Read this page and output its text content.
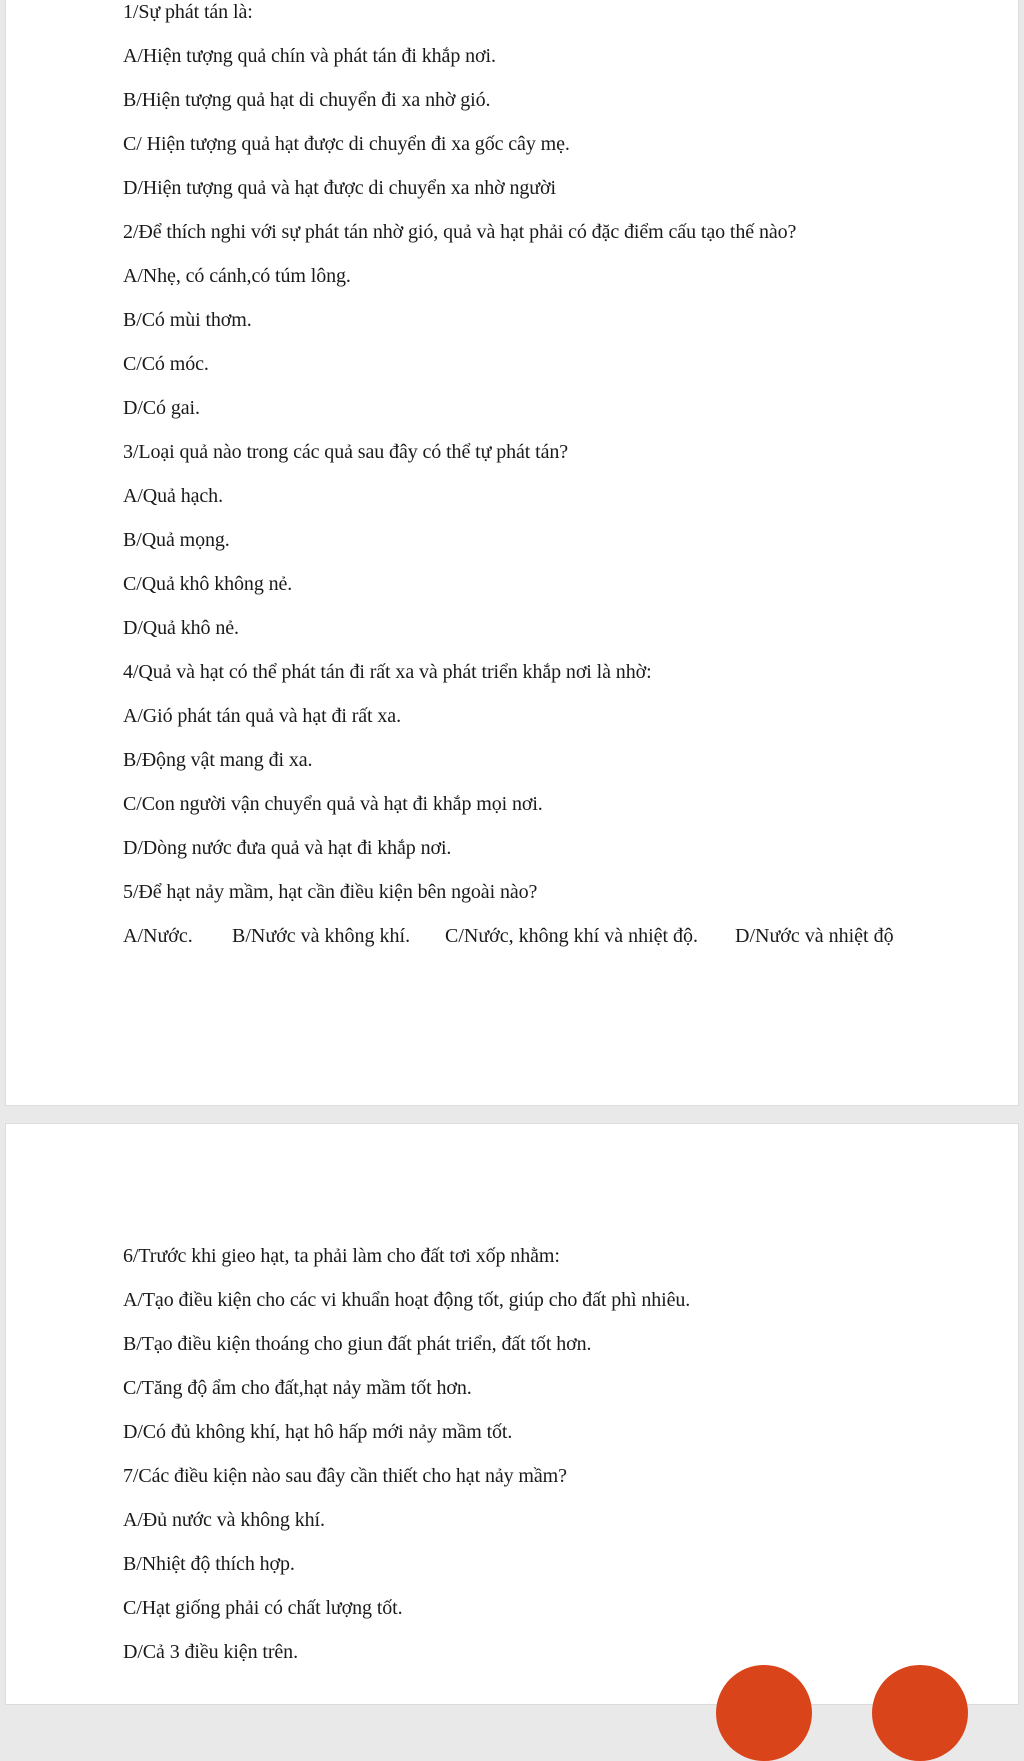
1/Sự phát tán là:

A/Hiện tượng quả chín và phát tán đi khắp nơi.

B/Hiện tượng quả hạt di chuyển đi xa nhờ gió.

C/ Hiện tượng quả hạt được di chuyển đi xa gốc cây mẹ.

D/Hiện tượng quả và hạt được di chuyển xa nhờ người

2/Để thích nghi với sự phát tán nhờ gió, quả và hạt phải có đặc điểm cấu tạo thế nào?

A/Nhẹ, có cánh,có túm lông.

B/Có mùi thơm.

C/Có móc.

D/Có gai.

3/Loại quả nào trong các quả sau đây có thể tự phát tán?

A/Quả hạch.

B/Quả mọng.

C/Quả khô không nẻ.

D/Quả khô nẻ.

4/Quả và hạt có thể phát tán đi rất xa và phát triển khắp nơi là nhờ:

A/Gió phát tán quả và hạt đi rất xa.

B/Động vật mang đi xa.

C/Con người vận chuyển quả và hạt đi khắp mọi nơi.

D/Dòng nước đưa quả và hạt đi khắp nơi.

5/Để hạt nảy mầm, hạt cần điều kiện bên ngoài nào?

A/Nước. B/Nước và không khí. C/Nước, không khí và nhiệt độ. D/Nước và nhiệt độ

6/Trước khi gieo hạt, ta phải làm cho đất tơi xốp nhằm:

A/Tạo điều kiện cho các vi khuẩn hoạt động tốt, giúp cho đất phì nhiêu.

B/Tạo điều kiện thoáng cho giun đất phát triển, đất tốt hơn.

C/Tăng độ ẩm cho đất,hạt nảy mầm tốt hơn.

D/Có đủ không khí, hạt hô hấp mới nảy mầm tốt.

7/Các điều kiện nào sau đây cần thiết cho hạt nảy mầm?

A/Đủ nước và không khí.

B/Nhiệt độ thích hợp.

C/Hạt giống phải có chất lượng tốt.

D/Cả 3 điều kiện trên.
